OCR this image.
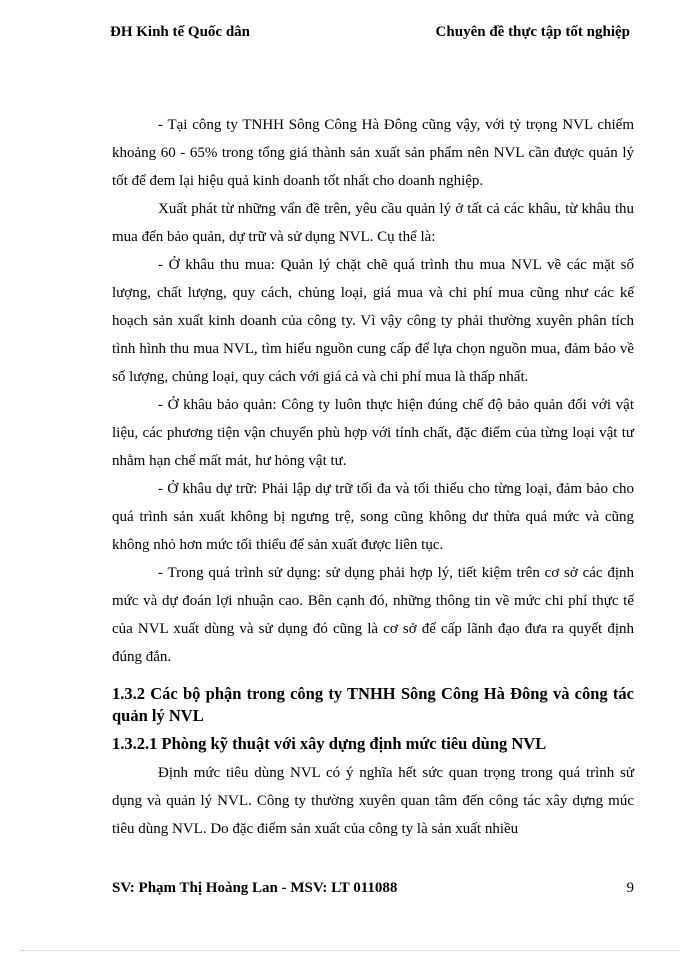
ĐH Kinh tế Quốc dân	Chuyên đề thực tập tốt nghiệp

- Tại công ty TNHH Sông Công Hà Đông cũng vậy, với tỷ trọng NVL chiếm khoảng 60 - 65% trong tổng giá thành sản xuất sản phẩm nên NVL cần được quản lý tốt để đem lại hiệu quả kinh doanh tốt nhất cho doanh nghiệp.

Xuất phát từ những vấn đề trên, yêu cầu quản lý ở tất cả các khâu, từ khâu thu mua đến bảo quản, dự trữ và sử dụng NVL. Cụ thể là:

- Ở khâu thu mua: Quản lý chặt chẽ quá trình thu mua NVL về các mặt số lượng, chất lượng, quy cách, chủng loại, giá mua và chi phí mua cũng như các kế hoạch sản xuất kinh doanh của công ty. Vì vậy công ty phải thường xuyên phân tích tình hình thu mua NVL, tìm hiểu nguồn cung cấp để lựa chọn nguồn mua, đảm bảo về số lượng, chủng loại, quy cách với giá cả và chi phí mua là thấp nhất.

- Ở khâu bảo quản: Công ty luôn thực hiện đúng chế độ bảo quản đối với vật liệu, các phương tiện vận chuyển phù hợp với tính chất, đặc điểm của từng loại vật tư nhằm hạn chế mất mát, hư hỏng vật tư.

- Ở khâu dự trữ: Phải lập dự trữ tối đa và tối thiểu cho từng loại, đảm bảo cho quá trình sản xuất không bị ngưng trệ, song cũng không dư thừa quá mức và cũng không nhỏ hơn mức tối thiểu để sản xuất được liên tục.

- Trong quá trình sử dụng: sử dụng phải hợp lý, tiết kiệm trên cơ sở các định mức và dự đoán lợi nhuận cao. Bên cạnh đó, những thông tin về mức chi phí thực tế của NVL xuất dùng và sử dụng đó cũng là cơ sở để cấp lãnh đạo đưa ra quyết định đúng đắn.

1.3.2 Các bộ phận trong công ty TNHH Sông Công Hà Đông và công tác quản lý NVL
1.3.2.1 Phòng kỹ thuật với xây dựng định mức tiêu dùng NVL

Định mức tiêu dùng NVL có ý nghĩa hết sức quan trọng trong quá trình sử dụng và quản lý NVL. Công ty thường xuyên quan tâm đến công tác xây dựng múc tiêu dùng NVL. Do đặc điểm sản xuất của công ty là sản xuất nhiều

SV: Phạm Thị Hoàng Lan - MSV: LT 011088	9
